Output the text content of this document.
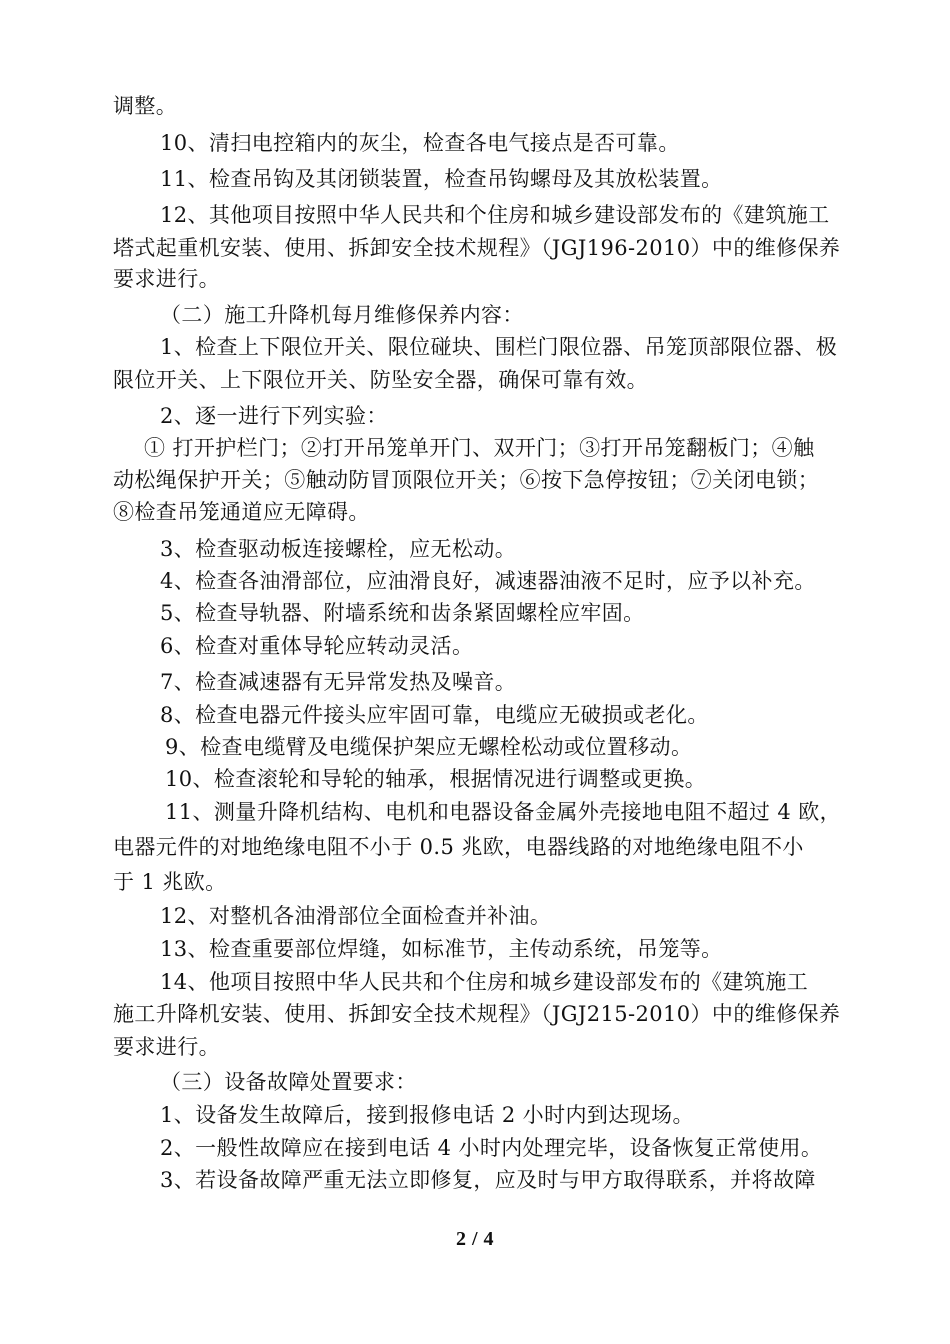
调整。
10、清扫电控箱内的灰尘，检查各电气接点是否可靠。
11、检查吊钩及其闭锁装置，检查吊钩螺母及其放松装置。
12、其他项目按照中华人民共和个住房和城乡建设部发布的《建筑施工
塔式起重机安装、使用、拆卸安全技术规程》（JGJ196-2010）中的维修保养
要求进行。
（二）施工升降机每月维修保养内容：
1、检查上下限位开关、限位碰块、围栏门限位器、吊笼顶部限位器、极
限位开关、上下限位开关、防坠安全器，确保可靠有效。
2、逐一进行下列实验：
① 打开护栏门；②打开吊笼单开门、双开门；③打开吊笼翻板门；④触
动松绳保护开关；⑤触动防冒顶限位开关；⑥按下急停按钮；⑦关闭电锁；
⑧检查吊笼通道应无障碍。
3、检查驱动板连接螺栓，应无松动。
4、检查各油滑部位，应油滑良好，减速器油液不足时，应予以补充。
5、检查导轨器、附墙系统和齿条紧固螺栓应牢固。
6、检查对重体导轮应转动灵活。
7、检查减速器有无异常发热及噪音。
8、检查电器元件接头应牢固可靠，电缆应无破损或老化。
9、检查电缆臂及电缆保护架应无螺栓松动或位置移动。
10、检查滚轮和导轮的轴承，根据情况进行调整或更换。
11、测量升降机结构、电机和电器设备金属外壳接地电阻不超过 4 欧，
电器元件的对地绝缘电阻不小于 0.5 兆欧，电器线路的对地绝缘电阻不小
于 1 兆欧。
12、对整机各油滑部位全面检查并补油。
13、检查重要部位焊缝，如标准节，主传动系统，吊笼等。
14、他项目按照中华人民共和个住房和城乡建设部发布的《建筑施工
施工升降机安装、使用、拆卸安全技术规程》（JGJ215-2010）中的维修保养
要求进行。
（三）设备故障处置要求：
1、设备发生故障后，接到报修电话 2 小时内到达现场。
2、一般性故障应在接到电话 4 小时内处理完毕，设备恢复正常使用。
3、若设备故障严重无法立即修复，应及时与甲方取得联系，并将故障
2 / 4
